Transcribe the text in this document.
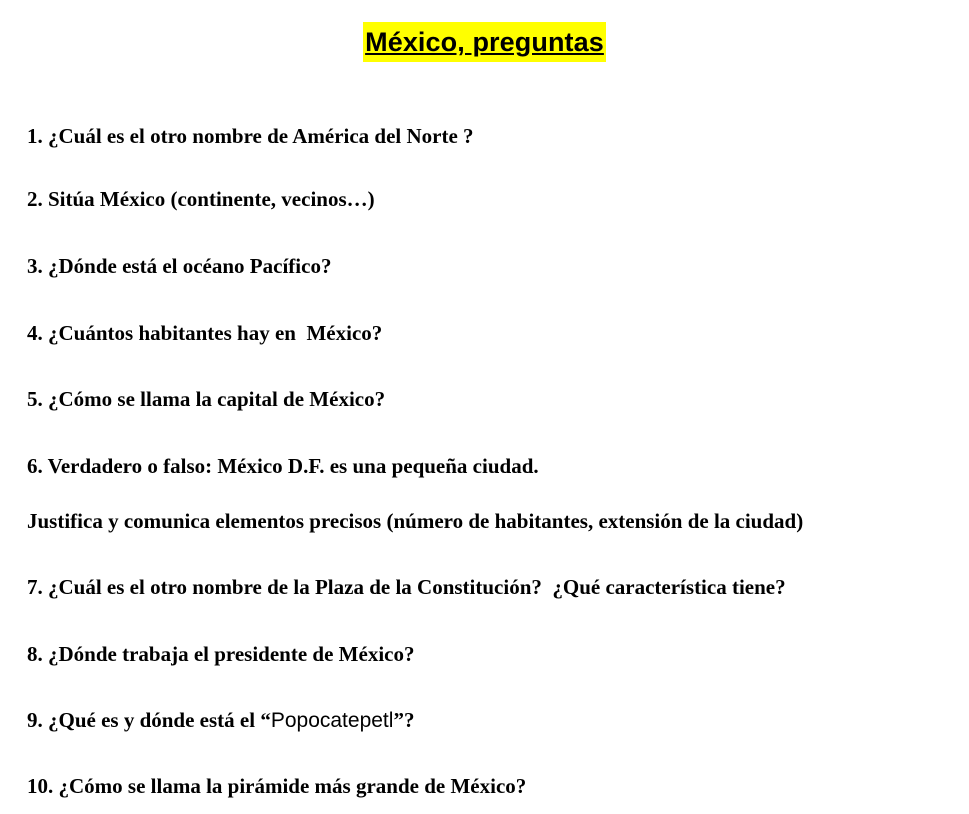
México, preguntas
1. ¿Cuál es el otro nombre de América del Norte ?
2. Sitúa México (continente, vecinos…)
3. ¿Dónde está el océano Pacífico?
4. ¿Cuántos habitantes hay en  México?
5. ¿Cómo se llama la capital de México?
6. Verdadero o falso: México D.F. es una pequeña ciudad.
Justifica y comunica elementos precisos (número de habitantes, extensión de la ciudad)
7. ¿Cuál es el otro nombre de la Plaza de la Constitución?  ¿Qué característica tiene?
8. ¿Dónde trabaja el presidente de México?
9. ¿Qué es y dónde está el “Popocatepetl”?
10. ¿Cómo se llama la pirámide más grande de México?
